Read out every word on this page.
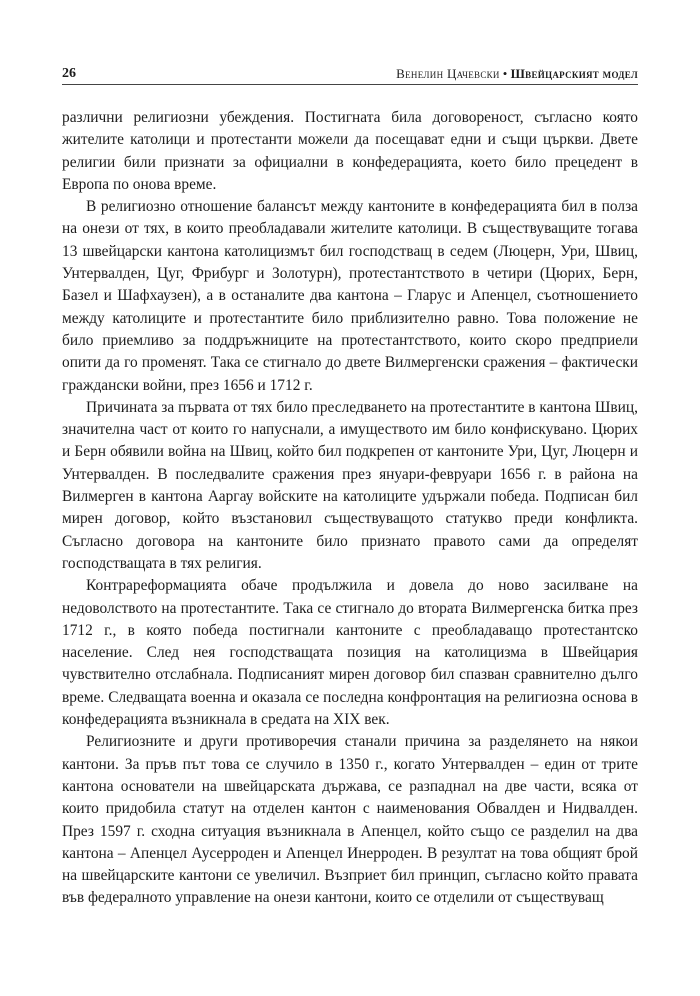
26	Венелин Цачевски • Швейцарският модел

различни религиозни убеждения. Постигната била договореност, съгласно която жителите католици и протестанти можели да посещават едни и същи църкви. Двете религии били признати за официални в конфедерацията, което било прецедент в Европа по онова време.

В религиозно отношение балансът между кантоните в конфедерацията бил в полза на онези от тях, в които преобладавали жителите католици. В съществуващите тогава 13 швейцарски кантона католицизмът бил господстващ в седем (Люцерн, Ури, Швиц, Унтервалден, Цуг, Фрибург и Золотурн), протестантството в четири (Цюрих, Берн, Базел и Шафхаузен), а в останалите два кантона – Гларус и Апенцел, съотношението между католиците и протестантите било приблизително равно. Това положение не било приемливо за поддръжниците на протестантството, които скоро предприели опити да го променят. Така се стигнало до двете Вилмергенски сражения – фактически граждански войни, през 1656 и 1712 г.

Причината за първата от тях било преследването на протестантите в кантона Швиц, значителна част от които го напуснали, а имуществото им било конфискувано. Цюрих и Берн обявили война на Швиц, който бил подкрепен от кантоните Ури, Цуг, Люцерн и Унтервалден. В последвалите сражения през януари-февруари 1656 г. в района на Вилмерген в кантона Ааргау войските на католиците удържали победа. Подписан бил мирен договор, който възстановил съществуващото статукво преди конфликта. Съгласно договора на кантоните било признато правото сами да определят господстващата в тях религия.

Контрареформацията обаче продължила и довела до ново засилване на недоволството на протестантите. Така се стигнало до втората Вилмергенска битка през 1712 г., в която победа постигнали кантоните с преобладаващо протестантско население. След нея господстващата позиция на католицизма в Швейцария чувствително отслабнала. Подписаният мирен договор бил спазван сравнително дълго време. Следващата военна и оказала се последна конфронтация на религиозна основа в конфедерацията възникнала в средата на XIX век.

Религиозните и други противоречия станали причина за разделянето на някои кантони. За пръв път това се случило в 1350 г., когато Унтервалден – един от трите кантона основатели на швейцарската държава, се разпаднал на две части, всяка от които придобила статут на отделен кантон с наименования Обвалден и Нидвалден. През 1597 г. сходна ситуация възникнала в Апенцел, който също се разделил на два кантона – Апенцел Аусерроден и Апенцел Инерроден. В резултат на това общият брой на швейцарските кантони се увеличил. Възприет бил принцип, съгласно който правата във федералното управление на онези кантони, които се отделили от съществуващ
